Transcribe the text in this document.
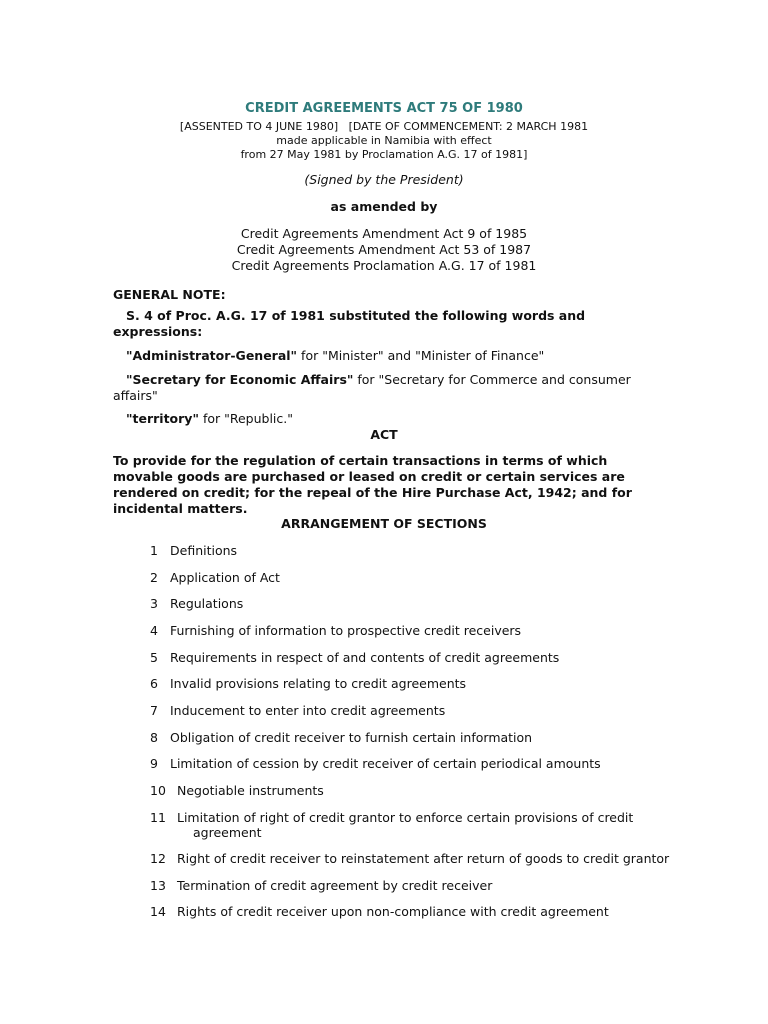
CREDIT AGREEMENTS ACT 75 OF 1980
[ASSENTED TO 4 JUNE 1980]   [DATE OF COMMENCEMENT: 2 MARCH 1981
made applicable in Namibia with effect
from 27 May 1981 by Proclamation A.G. 17 of 1981]
(Signed by the President)
as amended by
Credit Agreements Amendment Act 9 of 1985
Credit Agreements Amendment Act 53 of 1987
Credit Agreements Proclamation A.G. 17 of 1981
GENERAL NOTE:
S. 4 of Proc. A.G. 17 of 1981 substituted the following words and expressions:
"Administrator-General" for "Minister" and "Minister of Finance"
"Secretary for Economic Affairs" for "Secretary for Commerce and consumer affairs"
"territory" for "Republic."
ACT
To provide for the regulation of certain transactions in terms of which movable goods are purchased or leased on credit or certain services are rendered on credit; for the repeal of the Hire Purchase Act, 1942; and for incidental matters.
ARRANGEMENT OF SECTIONS
1 Definitions
2 Application of Act
3 Regulations
4 Furnishing of information to prospective credit receivers
5 Requirements in respect of and contents of credit agreements
6 Invalid provisions relating to credit agreements
7 Inducement to enter into credit agreements
8 Obligation of credit receiver to furnish certain information
9 Limitation of cession by credit receiver of certain periodical amounts
10 Negotiable instruments
11 Limitation of right of credit grantor to enforce certain provisions of credit
agreement
12 Right of credit receiver to reinstatement after return of goods to credit grantor
13 Termination of credit agreement by credit receiver
14 Rights of credit receiver upon non-compliance with credit agreement
